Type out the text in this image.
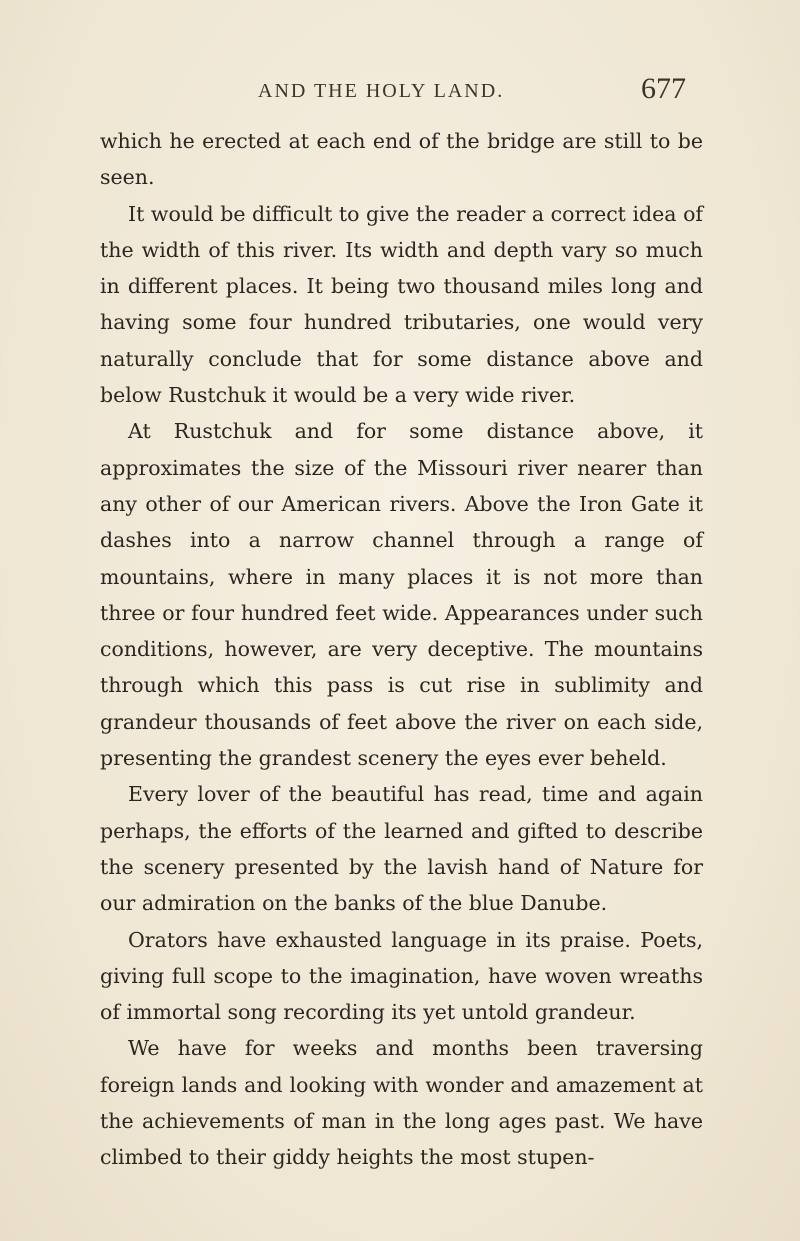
AND THE HOLY LAND.	677

which he erected at each end of the bridge are still to be seen.

It would be difficult to give the reader a correct idea of the width of this river. Its width and depth vary so much in different places. It being two thousand miles long and having some four hundred tributaries, one would very naturally conclude that for some distance above and below Rustchuk it would be a very wide river.

At Rustchuk and for some distance above, it approximates the size of the Missouri river nearer than any other of our American rivers. Above the Iron Gate it dashes into a narrow channel through a range of mountains, where in many places it is not more than three or four hundred feet wide. Appearances under such conditions, however, are very deceptive. The mountains through which this pass is cut rise in sublimity and grandeur thousands of feet above the river on each side, presenting the grandest scenery the eyes ever beheld.

Every lover of the beautiful has read, time and again perhaps, the efforts of the learned and gifted to describe the scenery presented by the lavish hand of Nature for our admiration on the banks of the blue Danube.

Orators have exhausted language in its praise. Poets, giving full scope to the imagination, have woven wreaths of immortal song recording its yet untold grandeur.

We have for weeks and months been traversing foreign lands and looking with wonder and amazement at the achievements of man in the long ages past. We have climbed to their giddy heights the most stupen-
